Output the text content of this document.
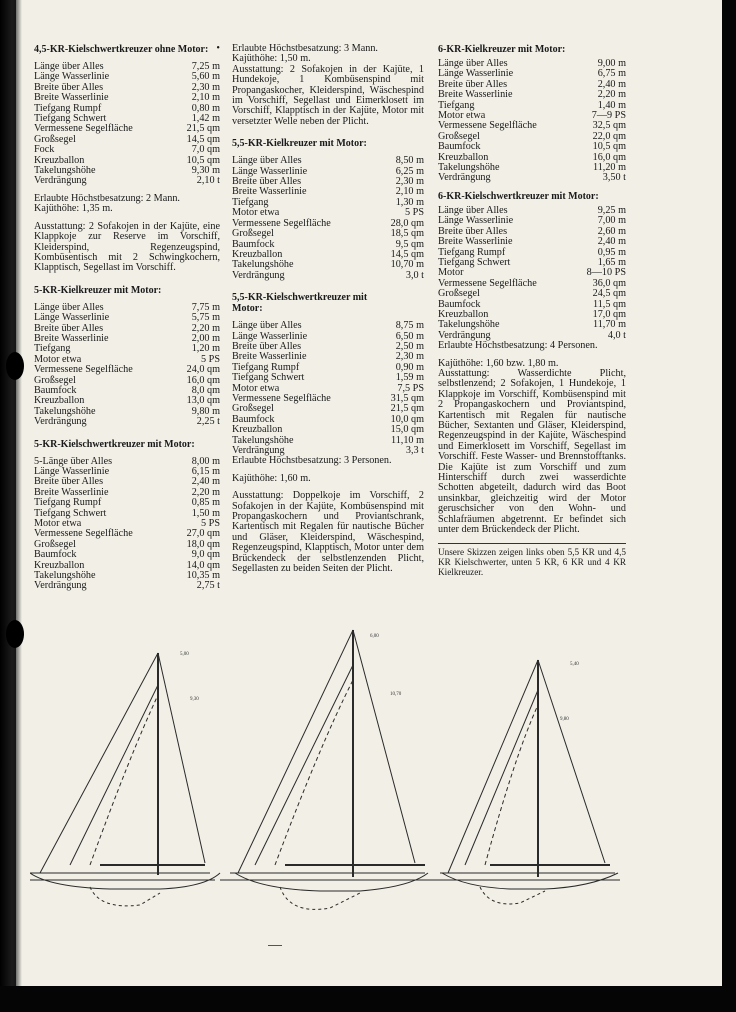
4,5-KR-Kielschwertkreuzer ohne Motor: •
Länge über Alles	7,25 m
Länge Wasserlinie	5,60 m
Breite über Alles	2,30 m
Breite Wasserlinie	2,10 m
Tiefgang Rumpf	0,80 m
Tiefgang Schwert	1,42 m
Vermessene Segelfläche	21,5 qm
Großsegel	14,5 qm
Fock	7,0 qm
Kreuzballon	10,5 qm
Takelungshöhe	9,30 m
Verdrängung	2,10 t

Erlaubte Höchstbesatzung: 2 Mann.

Kajüthöhe: 1,35 m.

Ausstattung: 2 Sofakojen in der Kajüte, eine Klappkoje zur Reserve im Vorschiff, Kleiderspind, Regenzeugspind, Kombüsentisch mit 2 Schwingkochern, Klapptisch, Segellast im Vorschiff.

5-KR-Kielkreuzer mit Motor:

Länge über Alles	7,75 m
Länge Wasserlinie	5,75 m
Breite über Alles	2,20 m
Breite Wasserlinie	2,00 m
Tiefgang	1,20 m
Motor etwa	5 PS
Vermessene Segelfläche	24,0 qm
Großsegel	16,0 qm
Baumfock	8,0 qm
Kreuzballon	13,0 qm
Takelungshöhe	9,80 m
Verdrängung	2,25 t

5-KR-Kielschwertkreuzer mit Motor:

5-Länge über Alles	8,00 m
Länge Wasserlinie	6,15 m
Breite über Alles	2,40 m
Breite Wasserlinie	2,20 m
Tiefgang Rumpf	0,85 m
Tiefgang Schwert	1,50 m
Motor etwa	5 PS
Vermessene Segelfläche	27,0 qm
Großsegel	18,0 qm
Baumfock	9,0 qm
Kreuzballon	14,0 qm
Takelungshöhe	10,35 m
Verdrängung	2,75 t

Erlaubte Höchstbesatzung: 3 Mann.

Kajüthöhe: 1,50 m.

Ausstattung: 2 Sofakojen in der Kajüte, 1 Hundekoje, 1 Kombüsenspind mit Propangaskocher, Kleiderspind, Wäschespind im Vorschiff, Segellast und Eimerklosett im Vorschiff, Klapptisch in der Kajüte, Motor mit versetzter Welle neben der Plicht.

5,5-KR-Kielkreuzer mit Motor:

Länge über Alles	8,50 m
Länge Wasserlinie	6,25 m
Breite über Alles	2,30 m
Breite Wasserlinie	2,10 m
Tiefgang	1,30 m
Motor etwa	5 PS
Vermessene Segelfläche	28,0 qm
Großsegel	18,5 qm
Baumfock	9,5 qm
Kreuzballon	14,5 qm
Takelungshöhe	10,70 m
Verdrängung	3,0 t

5,5-KR-Kielschwertkreuzer mit Motor:

Länge über Alles	8,75 m
Länge Wasserlinie	6,50 m
Breite über Alles	2,50 m
Breite Wasserlinie	2,30 m
Tiefgang Rumpf	0,90 m
Tiefgang Schwert	1,59 m
Motor etwa	7,5 PS
Vermessene Segelfläche	31,5 qm
Großsegel	21,5 qm
Baumfock	10,0 qm
Kreuzballon	15,0 qm
Takelungshöhe	11,10 m
Verdrängung	3,3 t

Erlaubte Höchstbesatzung: 3 Personen.

Kajüthöhe: 1,60 m.

Ausstattung: Doppelkoje im Vorschiff, 2 Sofakojen in der Kajüte, Kombüsenspind mit Propangaskochern und Proviantschrank, Kartentisch mit Regalen für nautische Bücher und Gläser, Kleiderspind, Wäschespind, Regenzeugspind, Klapptisch, Motor unter dem Brückendeck der selbstlenzenden Plicht, Segellasten zu beiden Seiten der Plicht.

6-KR-Kielkreuzer mit Motor:

Länge über Alles	9,00 m
Länge Wasserlinie	6,75 m
Breite über Alles	2,40 m
Breite Wasserlinie	2,20 m
Tiefgang	1,40 m
Motor etwa	7—9 PS
Vermessene Segelfläche	32,5 qm
Großsegel	22,0 qm
Baumfock	10,5 qm
Kreuzballon	16,0 qm
Takelungshöhe	11,20 m
Verdrängung	3,50 t

6-KR-Kielschwertkreuzer mit Motor:

Länge über Alles	9,25 m
Länge Wasserlinie	7,00 m
Breite über Alles	2,60 m
Breite Wasserlinie	2,40 m
Tiefgang Rumpf	0,95 m
Tiefgang Schwert	1,65 m
Motor	8—10 PS
Vermessene Segelfläche	36,0 qm
Großsegel	24,5 qm
Baumfock	11,5 qm
Kreuzballon	17,0 qm
Takelungshöhe	11,70 m
Verdrängung	4,0 t

Erlaubte Höchstbesatzung: 4 Personen.

Kajüthöhe: 1,60 bzw. 1,80 m.

Ausstattung: Wasserdichte Plicht, selbstlenzend; 2 Sofakojen, 1 Hundekoje, 1 Klappkoje im Vorschiff, Kombüsenspind mit 2 Propangaskochern und Proviantspind, Kartentisch mit Regalen für nautische Bücher, Sextanten und Gläser, Kleiderspind, Regenzeugspind in der Kajüte, Wäschespind und Eimerklosett im Vorschiff, Segellast im Vorschiff. Feste Wasser- und Brennstofftanks. Die Kajüte ist zum Vorschiff und zum Hinterschiff durch zwei wasserdichte Schotten abgeteilt, dadurch wird das Boot unsinkbar, gleichzeitig wird der Motor geruschsicher von den Wohn- und Schlafräumen abgetrennt. Er befindet sich unter dem Brückendeck der Plicht.

Unsere Skizzen zeigen links oben 5,5 KR und 4,5 KR Kielschwerter, unten 5 KR, 6 KR und 4 KR Kielkreuzer.

5,00
9,30
6,00
10,70
5,40
9,80
